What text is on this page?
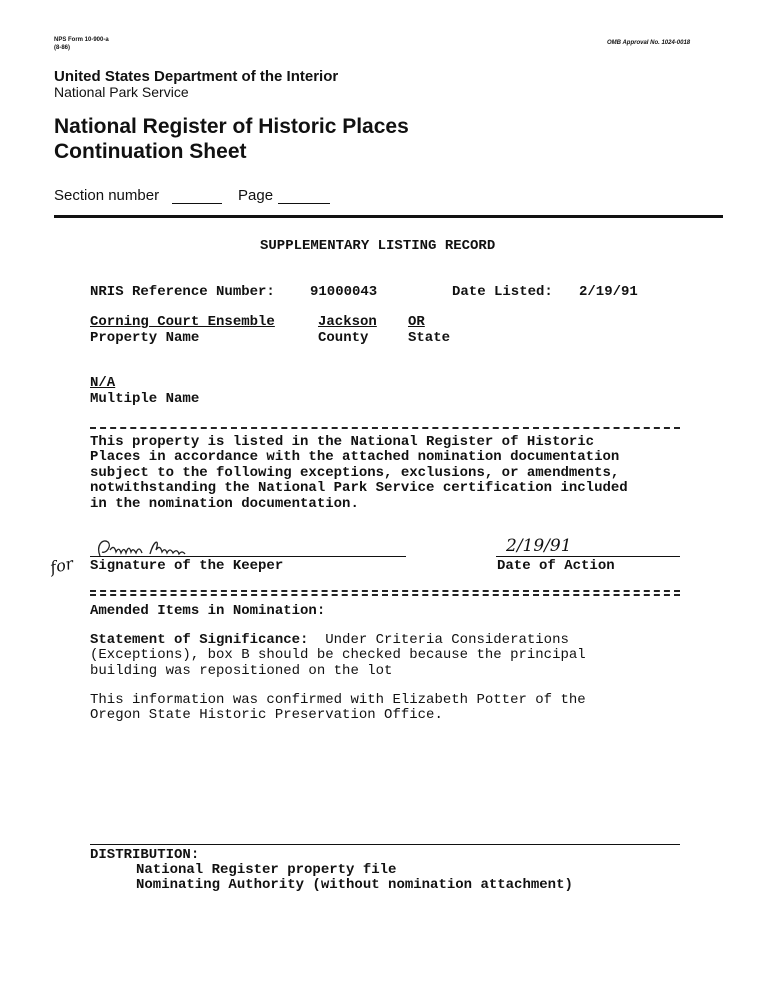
NPS Form 10-900-a
(8-86)
OMB Approval No. 1024-0018
United States Department of the Interior
National Park Service
National Register of Historic Places
Continuation Sheet
Section number	Page
SUPPLEMENTARY LISTING RECORD
NRIS Reference Number:	91000043	Date Listed: 2/19/91
Corning Court Ensemble	Jackson OR
Property Name	County	State
N/A
Multiple Name
This property is listed in the National Register of Historic
Places in accordance with the attached nomination documentation
subject to the following exceptions, exclusions, or amendments,
notwithstanding the National Park Service certification included
in the nomination documentation.
for Signature of the Keeper
2/19/91
Date of Action
Amended Items in Nomination:
Statement of Significance:  Under Criteria Considerations
(Exceptions), box B should be checked because the principal
building was repositioned on the lot
This information was confirmed with Elizabeth Potter of the
Oregon State Historic Preservation Office.
DISTRIBUTION:
National Register property file
Nominating Authority (without nomination attachment)
